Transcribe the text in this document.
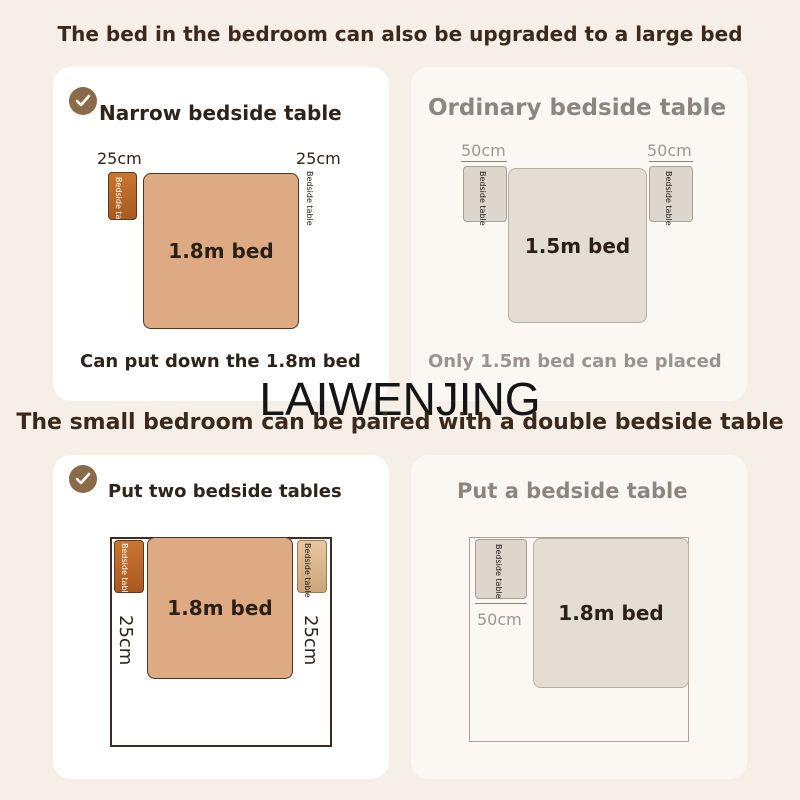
The bed in the bedroom can also be upgraded to a large bed
Narrow bedside table
25cm	25cm
Bedside table	Bedside table
1.8m bed
Can put down the 1.8m bed
Ordinary bedside table
50cm	50cm
Bedside table	Bedside table
1.5m bed
Only 1.5m bed can be placed
LAIWENJING
The small bedroom can be paired with a double bedside table
Put two bedside tables
Bedside table	Bedside table
1.8m bed
25cm	25cm
Put a bedside table
Bedside table
50cm	1.8m bed
